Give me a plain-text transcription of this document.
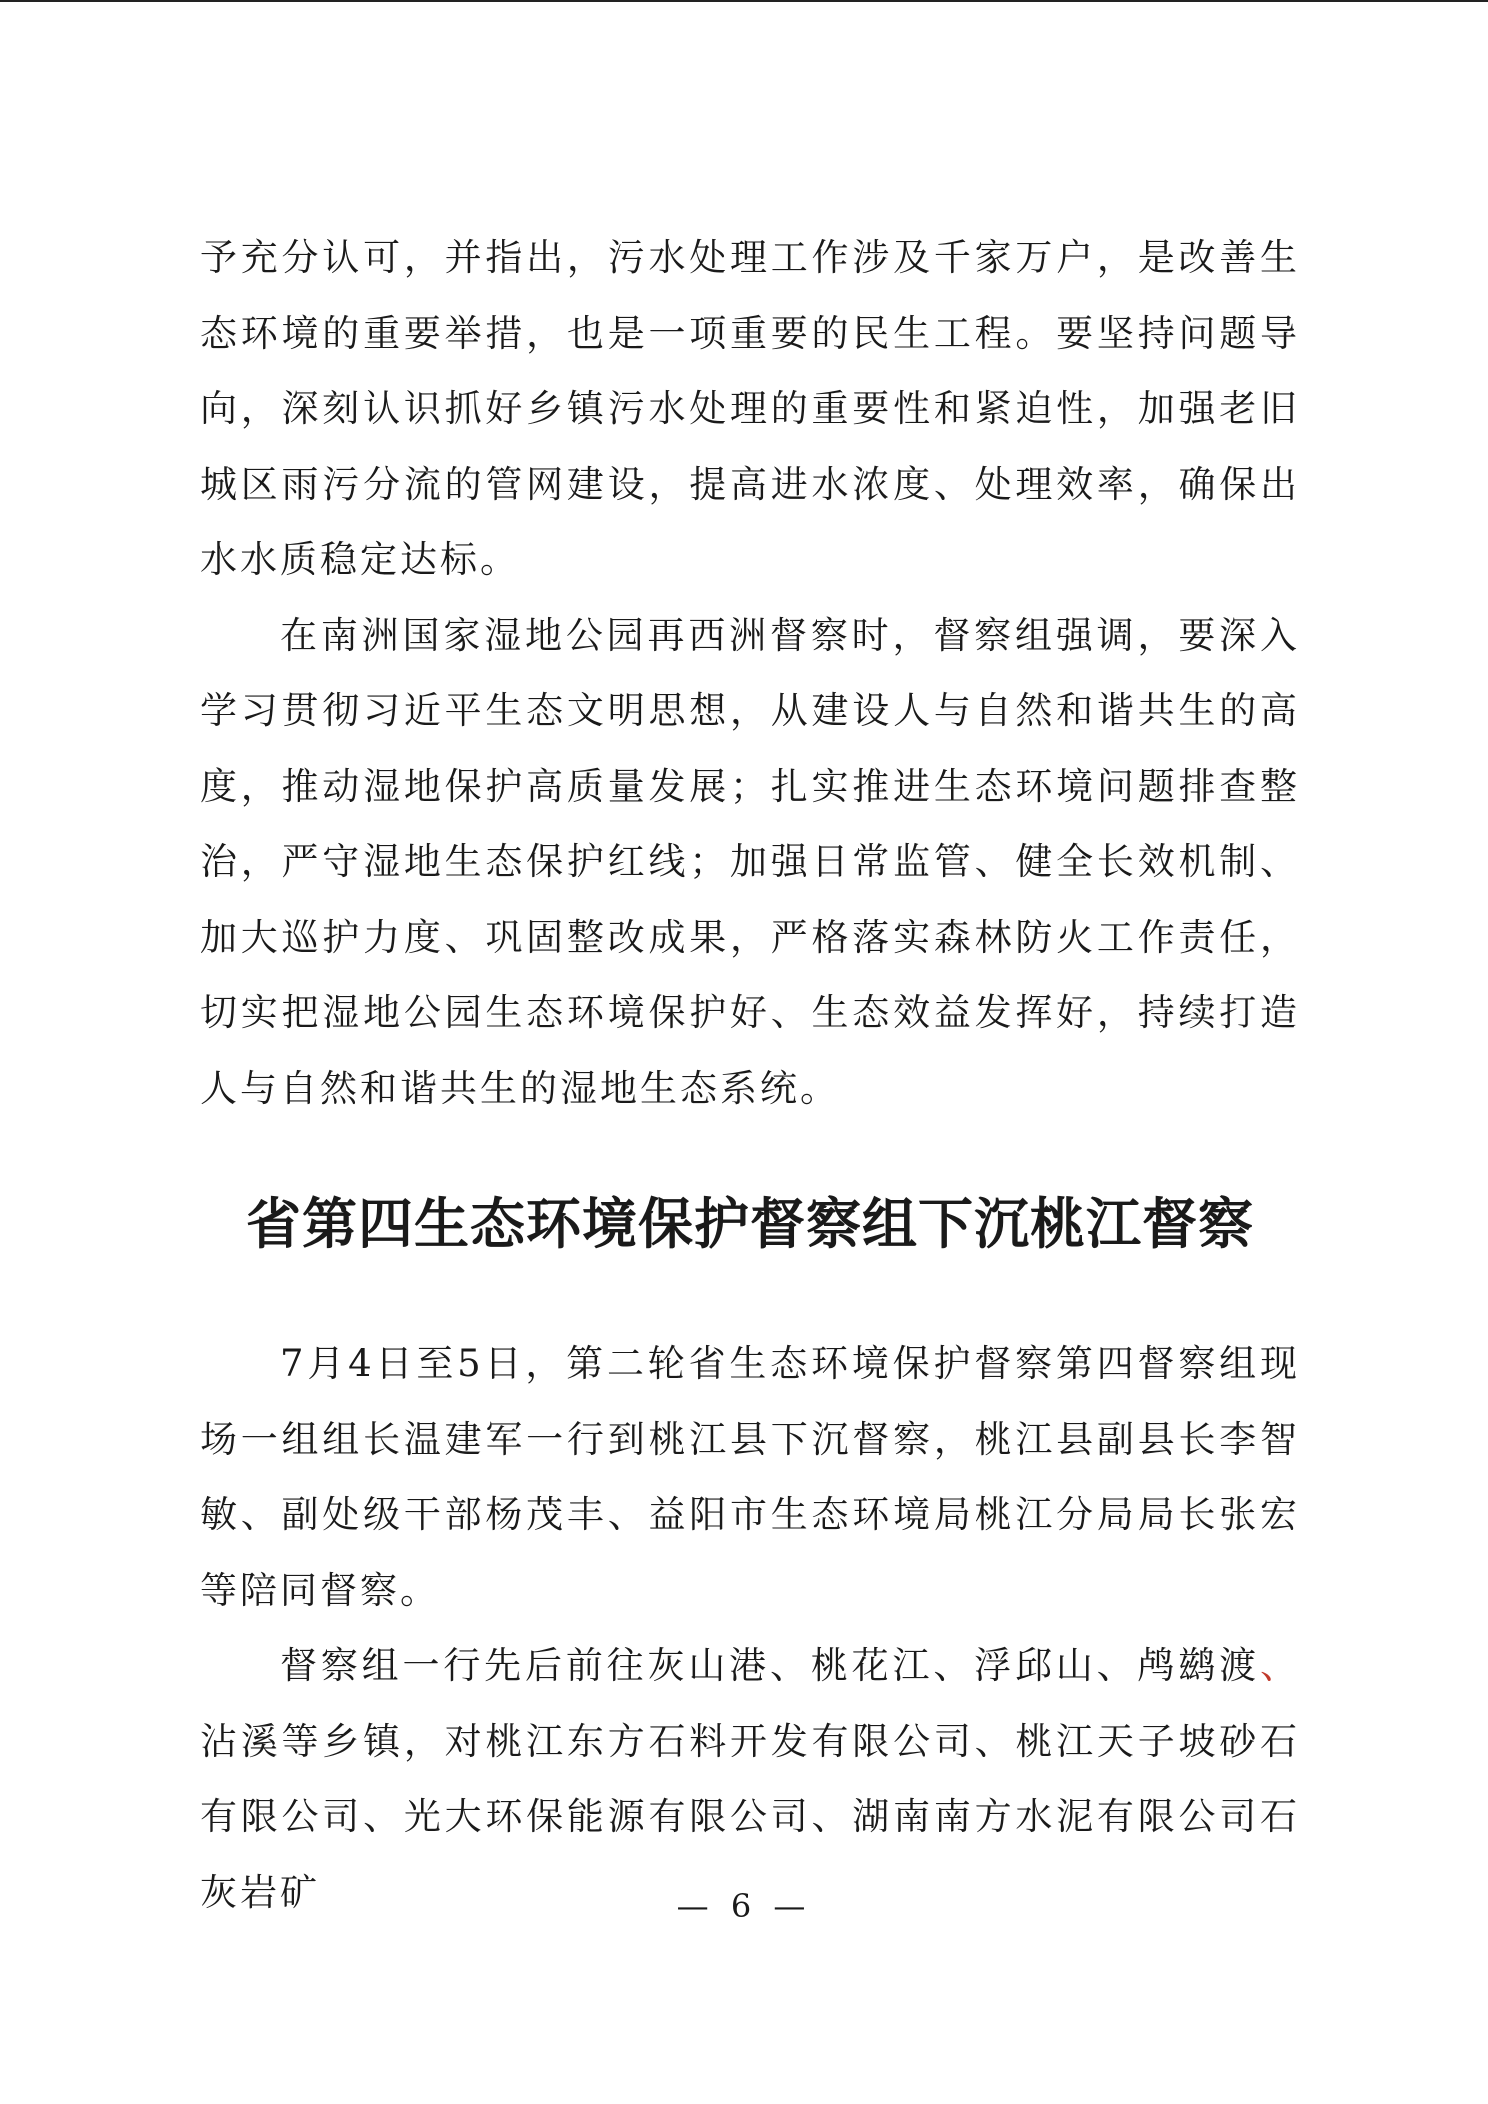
予充分认可，并指出，污水处理工作涉及千家万户，是改善生态环境的重要举措，也是一项重要的民生工程。要坚持问题导向，深刻认识抓好乡镇污水处理的重要性和紧迫性，加强老旧城区雨污分流的管网建设，提高进水浓度、处理效率，确保出水水质稳定达标。

在南洲国家湿地公园再西洲督察时，督察组强调，要深入学习贯彻习近平生态文明思想，从建设人与自然和谐共生的高度，推动湿地保护高质量发展；扎实推进生态环境问题排查整治，严守湿地生态保护红线；加强日常监管、健全长效机制、加大巡护力度、巩固整改成果，严格落实森林防火工作责任，切实把湿地公园生态环境保护好、生态效益发挥好，持续打造人与自然和谐共生的湿地生态系统。

省第四生态环境保护督察组下沉桃江督察

7月4日至5日，第二轮省生态环境保护督察第四督察组现场一组组长温建军一行到桃江县下沉督察，桃江县副县长李智敏、副处级干部杨茂丰、益阳市生态环境局桃江分局局长张宏等陪同督察。

督察组一行先后前往灰山港、桃花江、浮邱山、鸬鹚渡、沾溪等乡镇，对桃江东方石料开发有限公司、桃江天子坡砂石有限公司、光大环保能源有限公司、湖南南方水泥有限公司石灰岩矿	— 6 —
